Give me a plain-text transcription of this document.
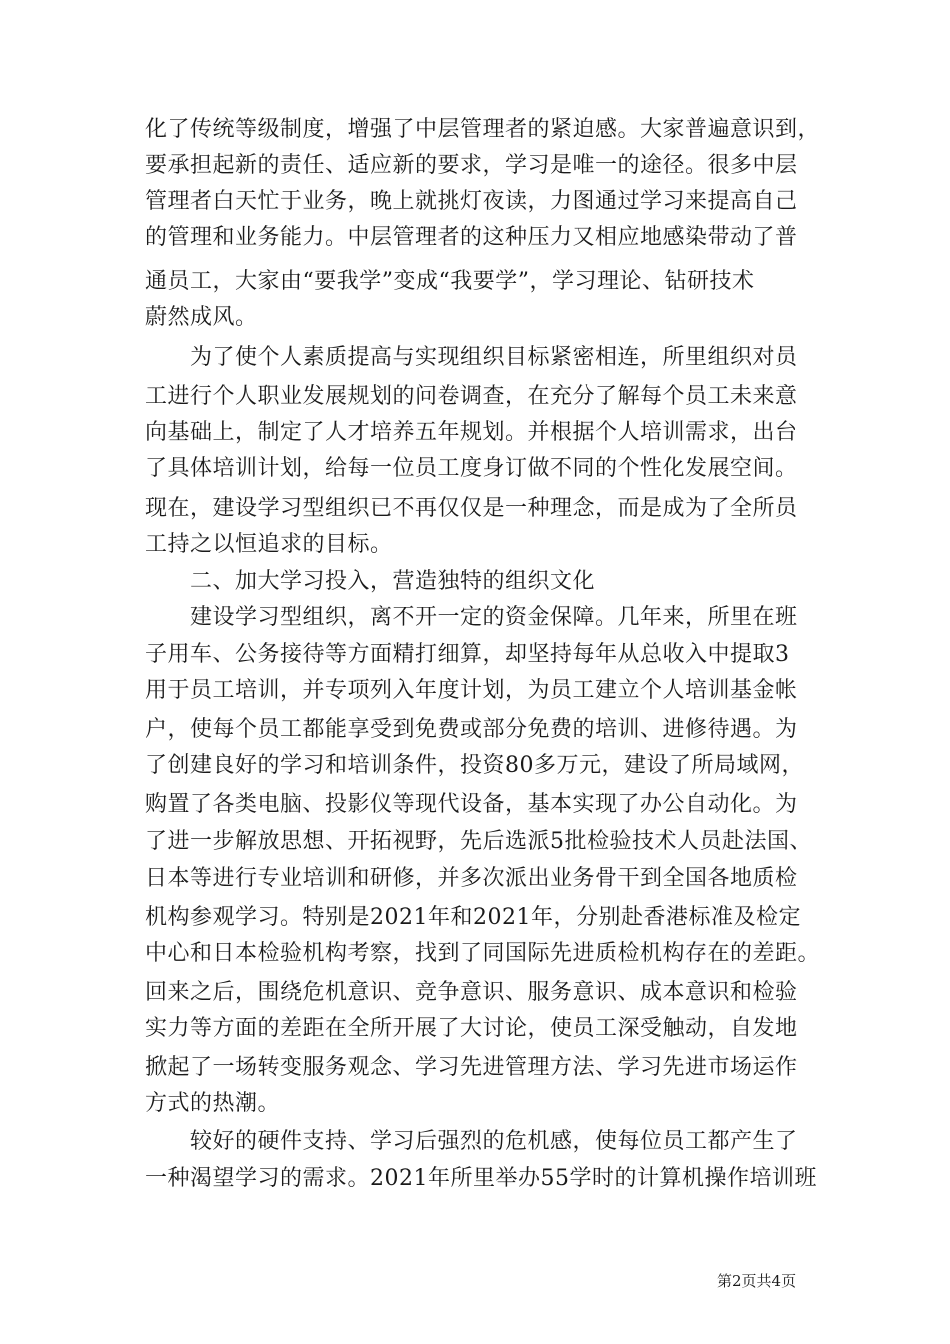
化了传统等级制度，增强了中层管理者的紧迫感。大家普遍意识到，
要承担起新的责任、适应新的要求，学习是唯一的途径。很多中层
管理者白天忙于业务，晚上就挑灯夜读，力图通过学习来提高自己
的管理和业务能力。中层管理者的这种压力又相应地感染带动了普
通员工，大家由“要我学”变成“我要学”，学习理论、钻研技术
蔚然成风。
为了使个人素质提高与实现组织目标紧密相连，所里组织对员
工进行个人职业发展规划的问卷调查，在充分了解每个员工未来意
向基础上，制定了人才培养五年规划。并根据个人培训需求，出台
了具体培训计划，给每一位员工度身订做不同的个性化发展空间。
现在，建设学习型组织已不再仅仅是一种理念，而是成为了全所员
工持之以恒追求的目标。
二、加大学习投入，营造独特的组织文化
建设学习型组织，离不开一定的资金保障。几年来，所里在班
子用车、公务接待等方面精打细算，却坚持每年从总收入中提取3
用于员工培训，并专项列入年度计划，为员工建立个人培训基金帐
户，使每个员工都能享受到免费或部分免费的培训、进修待遇。为
了创建良好的学习和培训条件，投资80多万元，建设了所局域网，
购置了各类电脑、投影仪等现代设备，基本实现了办公自动化。为
了进一步解放思想、开拓视野，先后选派5批检验技术人员赴法国、
日本等进行专业培训和研修，并多次派出业务骨干到全国各地质检
机构参观学习。特别是2021年和2021年，分别赴香港标准及检定
中心和日本检验机构考察，找到了同国际先进质检机构存在的差距。
回来之后，围绕危机意识、竞争意识、服务意识、成本意识和检验
实力等方面的差距在全所开展了大讨论，使员工深受触动，自发地
掀起了一场转变服务观念、学习先进管理方法、学习先进市场运作
方式的热潮。
较好的硬件支持、学习后强烈的危机感，使每位员工都产生了
一种渴望学习的需求。2021年所里举办55学时的计算机操作培训班
第2页共4页
